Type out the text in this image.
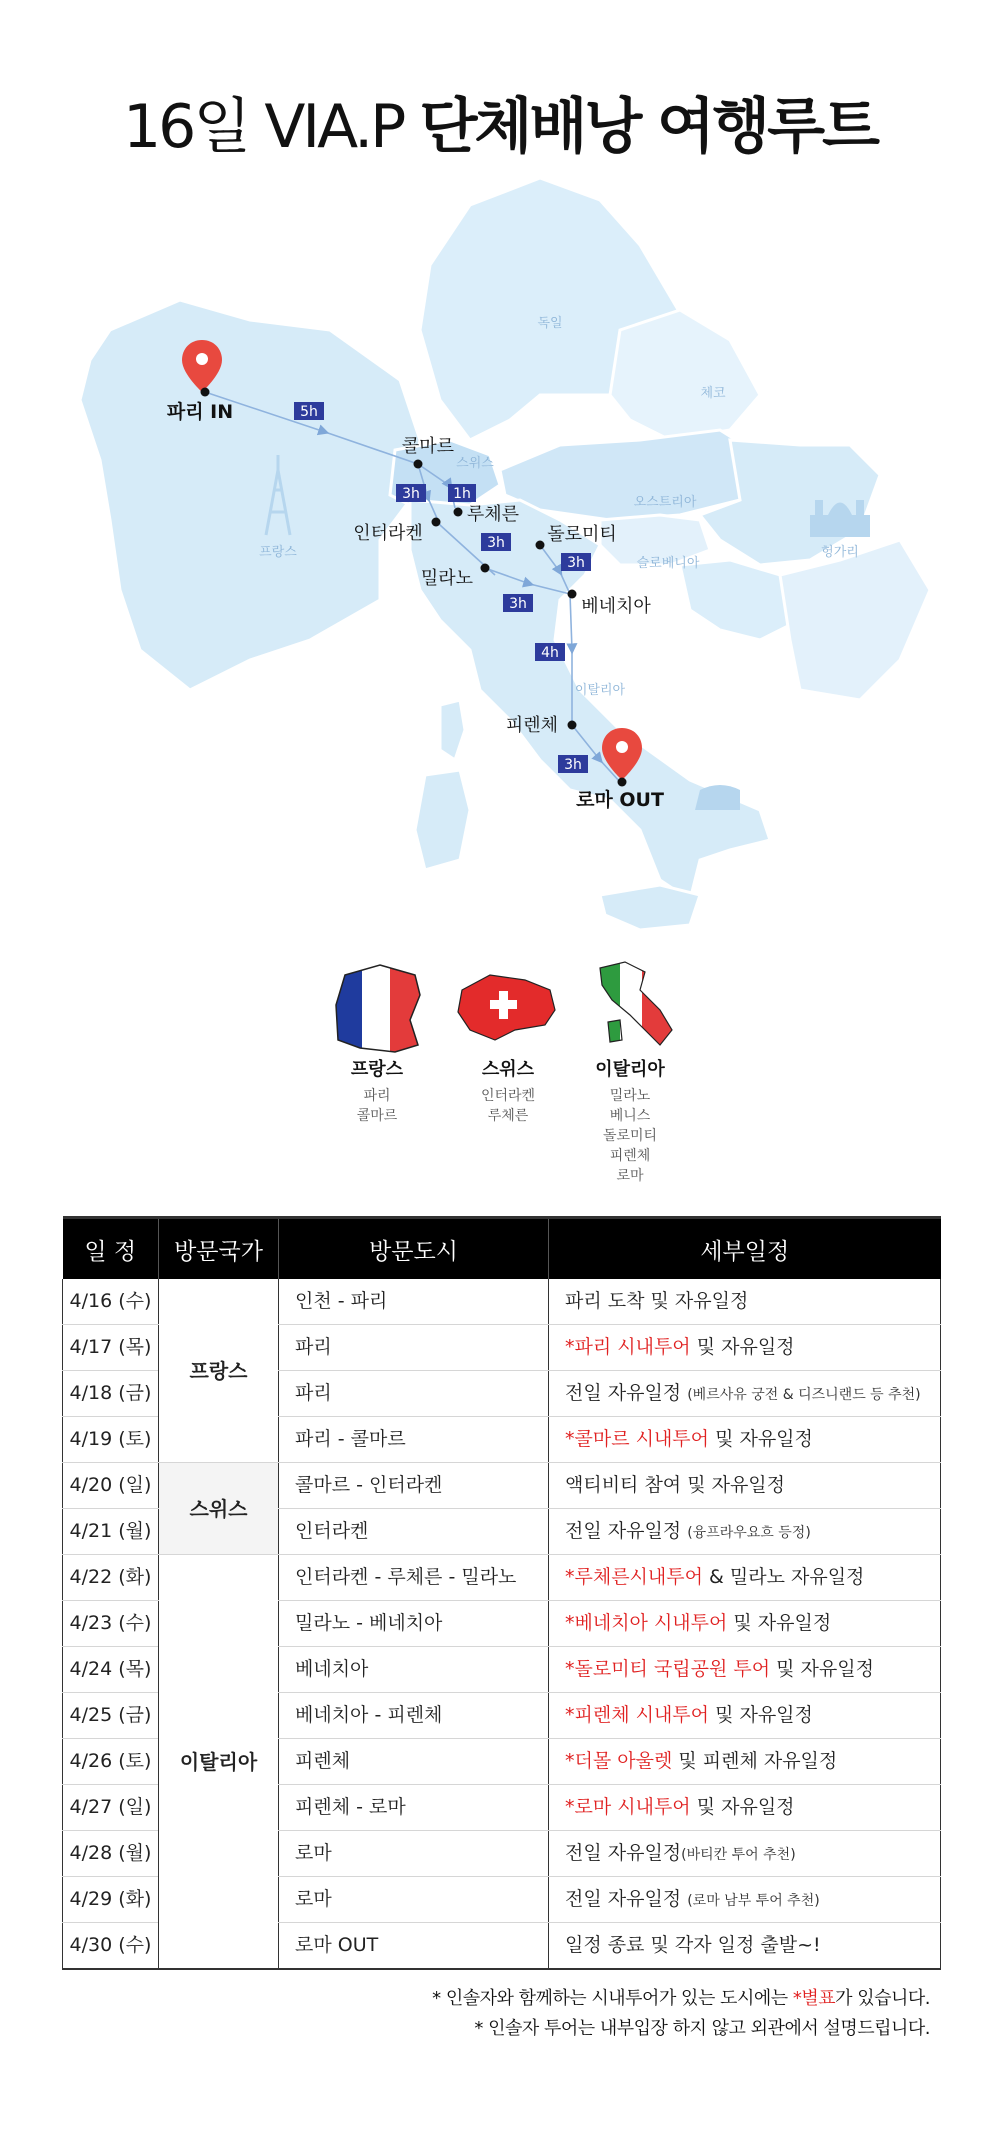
16일 VIA.P 단체배낭 여행루트
독일
체코
스위스
오스트리아
프랑스	헝가리
슬로베니아
이탈리아
5h
3h 1h
3h
3h
3h
4h
3h
파리 IN
콜마르
루체른
인터라켄	돌로미티
밀라노
베네치아
피렌체
로마 OUT
프랑스
파리
콜마르
스위스
인터라켄
루체른
이탈리아
밀라노
베니스
돌로미티
피렌체
로마
일 정	방문국가	방문도시	세부일정
4/16 (수)	프랑스	인천 - 파리	파리 도착 및 자유일정
4/17 (목)		파리	*파리 시내투어 및 자유일정
4/18 (금)		파리	전일 자유일정 (베르사유 궁전 & 디즈니랜드 등 추천)
4/19 (토)		파리 - 콜마르	*콜마르 시내투어 및 자유일정
4/20 (일)	스위스	콜마르 - 인터라켄	액티비티 참여 및 자유일정
4/21 (월)		인터라켄	전일 자유일정 (융프라우요흐 등정)
4/22 (화)	이탈리아	인터라켄 - 루체른 - 밀라노	*루체른시내투어 & 밀라노 자유일정
4/23 (수)		밀라노 - 베네치아	*베네치아 시내투어 및 자유일정
4/24 (목)		베네치아	*돌로미티 국립공원 투어 및 자유일정
4/25 (금)		베네치아 - 피렌체	*피렌체 시내투어 및 자유일정
4/26 (토)		피렌체	*더몰 아울렛 및 피렌체 자유일정
4/27 (일)		피렌체 - 로마	*로마 시내투어 및 자유일정
4/28 (월)		로마	전일 자유일정(바티칸 투어 추천)
4/29 (화)		로마	전일 자유일정 (로마 남부 투어 추천)
4/30 (수)		로마 OUT	일정 종료 및 각자 일정 출발~!
* 인솔자와 함께하는 시내투어가 있는 도시에는 *별표가 있습니다.
* 인솔자 투어는 내부입장 하지 않고 외관에서 설명드립니다.
